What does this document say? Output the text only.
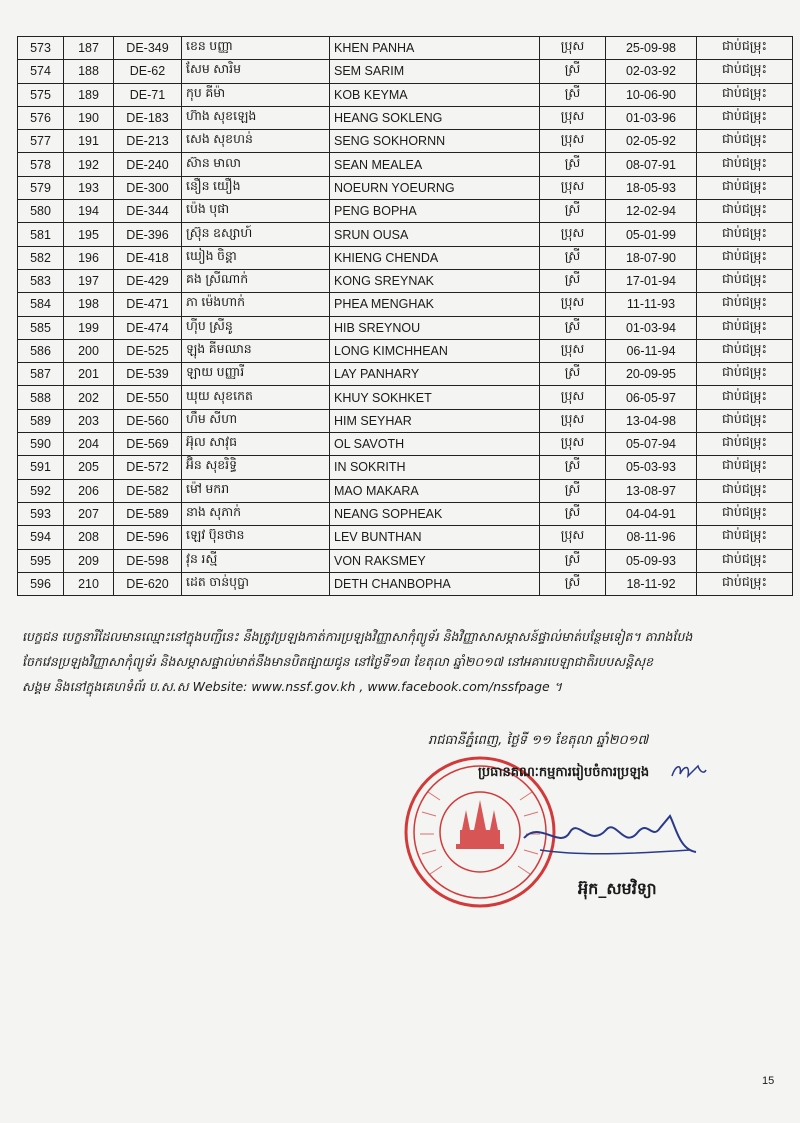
573	187	DE-349	ខេន បញ្ញា	KHEN PANHA	ប្រុស	25-09-98	ជាប់ជម្រុះ
574	188	DE-62	សែម សារិម	SEM SARIM	ស្រី	02-03-92	ជាប់ជម្រុះ
575	189	DE-71	កុប គីម៉ា	KOB KEYMA	ស្រី	10-06-90	ជាប់ជម្រុះ
576	190	DE-183	ហ៊ាង សុខឡេង	HEANG SOKLENG	ប្រុស	01-03-96	ជាប់ជម្រុះ
577	191	DE-213	សេង សុខហន់	SENG SOKHORNN	ប្រុស	02-05-92	ជាប់ជម្រុះ
578	192	DE-240	ស៊ាន មាលា	SEAN MEALEA	ស្រី	08-07-91	ជាប់ជម្រុះ
579	193	DE-300	នឿន យឿង	NOEURN YOEURNG	ប្រុស	18-05-93	ជាប់ជម្រុះ
580	194	DE-344	ប៉េង បុផា	PENG BOPHA	ស្រី	12-02-94	ជាប់ជម្រុះ
581	195	DE-396	ស្រ៊ុន ឧស្សាហ៍	SRUN OUSA	ប្រុស	05-01-99	ជាប់ជម្រុះ
582	196	DE-418	ឃៀង ចិន្តា	KHIENG CHENDA	ស្រី	18-07-90	ជាប់ជម្រុះ
583	197	DE-429	គង ស្រីណាក់	KONG SREYNAK	ស្រី	17-01-94	ជាប់ជម្រុះ
584	198	DE-471	ភា ម៉េងហាក់	PHEA MENGHAK	ប្រុស	11-11-93	ជាប់ជម្រុះ
585	199	DE-474	ហ៊ីប ស្រីនូ	HIB SREYNOU	ស្រី	01-03-94	ជាប់ជម្រុះ
586	200	DE-525	ឡុង គីមឈាន	LONG KIMCHHEAN	ប្រុស	06-11-94	ជាប់ជម្រុះ
587	201	DE-539	ឡាយ បញ្ញារី	LAY PANHARY	ស្រី	20-09-95	ជាប់ជម្រុះ
588	202	DE-550	ឃុយ សុខកេត	KHUY SOKHKET	ប្រុស	06-05-97	ជាប់ជម្រុះ
589	203	DE-560	ហឹម សីហា	HIM SEYHAR	ប្រុស	13-04-98	ជាប់ជម្រុះ
590	204	DE-569	អ៊ុល សាវុធ	OL SAVOTH	ប្រុស	05-07-94	ជាប់ជម្រុះ
591	205	DE-572	អ៊ិន សុខរិទ្ធិ	IN SOKRITH	ស្រី	05-03-93	ជាប់ជម្រុះ
592	206	DE-582	ម៉ៅ មករា	MAO MAKARA	ស្រី	13-08-97	ជាប់ជម្រុះ
593	207	DE-589	នាង សុភាក់	NEANG SOPHEAK	ស្រី	04-04-91	ជាប់ជម្រុះ
594	208	DE-596	ឡេវ ប៊ុនថាន	LEV BUNTHAN	ប្រុស	08-11-96	ជាប់ជម្រុះ
595	209	DE-598	វុន រស្មី	VON RAKSMEY	ស្រី	05-09-93	ជាប់ជម្រុះ
596	210	DE-620	ដេត ចាន់បុប្ផា	DETH CHANBOPHA	ស្រី	18-11-92	ជាប់ជម្រុះ
បេក្ខជន បេក្ខនារីដែលមានឈ្មោះនៅក្នុងបញ្ជីនេះ នឹងត្រូវប្រឡងកាត់ការប្រឡងវិញ្ញាសាកុំព្យូទ័រ និងវិញ្ញាសាសម្ភាសន៍ផ្ទាល់មាត់បន្ថែមទៀត។ តារាងបែង
ចែកវេនប្រឡងវិញ្ញាសាកុំព្យូទ័រ និងសម្ភាសផ្ទាល់មាត់នឹងមានបិតផ្សាយជូន នៅថ្ងៃទី១៣ ខែតុលា ឆ្នាំ២០១៧ នៅអគារបេឡាជាតិរបបសន្តិសុខ
សង្គម និងនៅក្នុងគេហទំព័រ ប.ស.ស Website: www.nssf.gov.kh , www.facebook.com/nssfpage ។
រាជធានីភ្នំពេញ, ថ្ងៃទី ១១ ខែតុលា ឆ្នាំ២០១៧
ប្រធានគណៈកម្មការរៀបចំការប្រឡង
អ៊ុក_សមវិទ្យា
15
